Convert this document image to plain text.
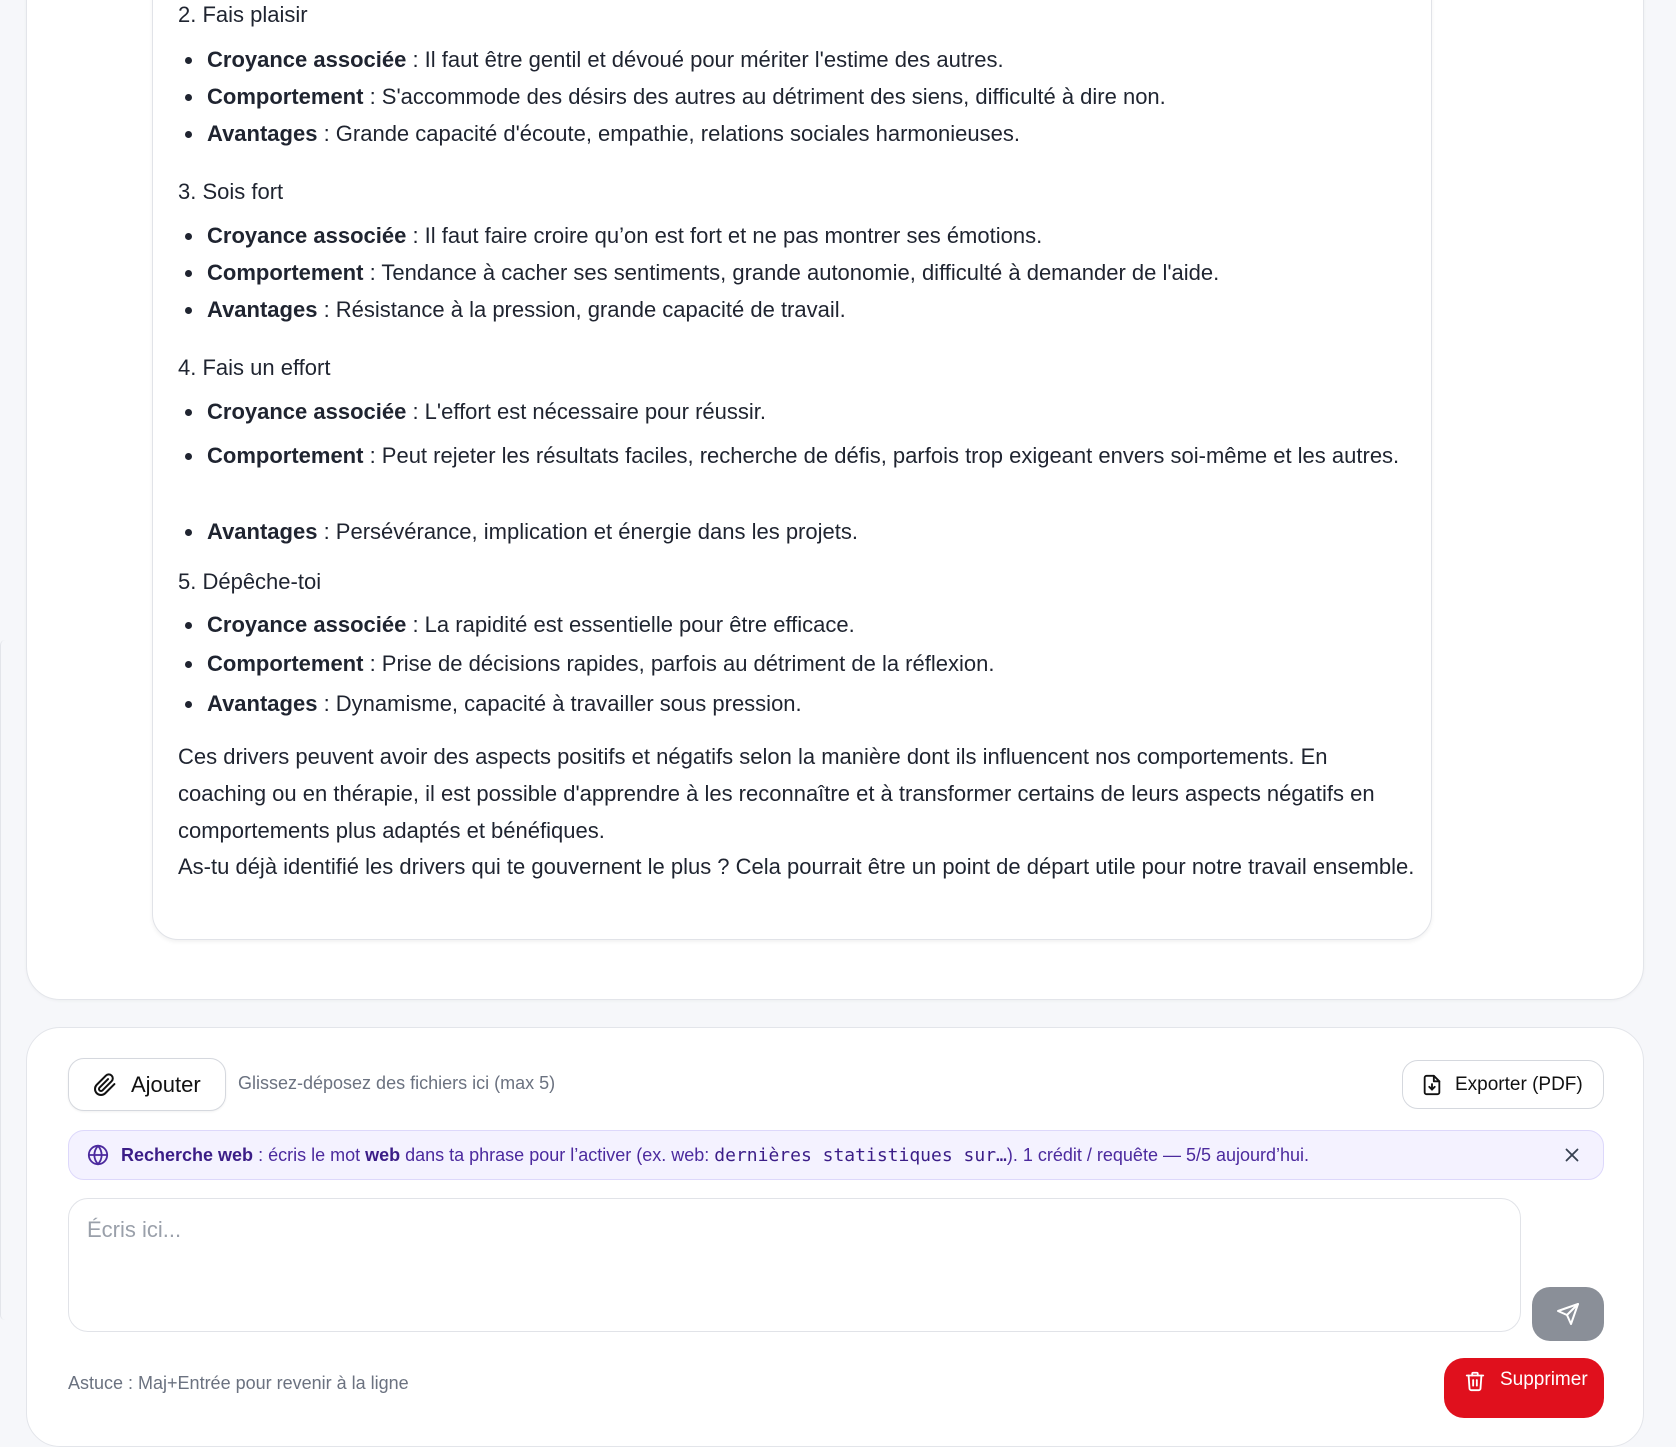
2. Fais plaisir
Croyance associée : Il faut être gentil et dévoué pour mériter l'estime des autres.
Comportement : S'accommode des désirs des autres au détriment des siens, difficulté à dire non.
Avantages : Grande capacité d'écoute, empathie, relations sociales harmonieuses.
3. Sois fort
Croyance associée : Il faut faire croire qu’on est fort et ne pas montrer ses émotions.
Comportement : Tendance à cacher ses sentiments, grande autonomie, difficulté à demander de l'aide.
Avantages : Résistance à la pression, grande capacité de travail.
4. Fais un effort
Croyance associée : L'effort est nécessaire pour réussir.
Comportement : Peut rejeter les résultats faciles, recherche de défis, parfois trop exigeant envers soi-même et les autres.
Avantages : Persévérance, implication et énergie dans les projets.
5. Dépêche-toi
Croyance associée : La rapidité est essentielle pour être efficace.
Comportement : Prise de décisions rapides, parfois au détriment de la réflexion.
Avantages : Dynamisme, capacité à travailler sous pression.

Ces drivers peuvent avoir des aspects positifs et négatifs selon la manière dont ils influencent nos comportements. En coaching ou en thérapie, il est possible d'apprendre à les reconnaître et à transformer certains de leurs aspects négatifs en comportements plus adaptés et bénéfiques.

As-tu déjà identifié les drivers qui te gouvernent le plus ? Cela pourrait être un point de départ utile pour notre travail ensemble.

Ajouter Glissez-déposez des fichiers ici (max 5)	Exporter (PDF)
Recherche web : écris le mot web dans ta phrase pour l’activer (ex. web: dernières statistiques sur…). 1 crédit / requête — 5/5 aujourd’hui.
Écris ici...
Astuce : Maj+Entrée pour revenir à la ligne	Supprimer
